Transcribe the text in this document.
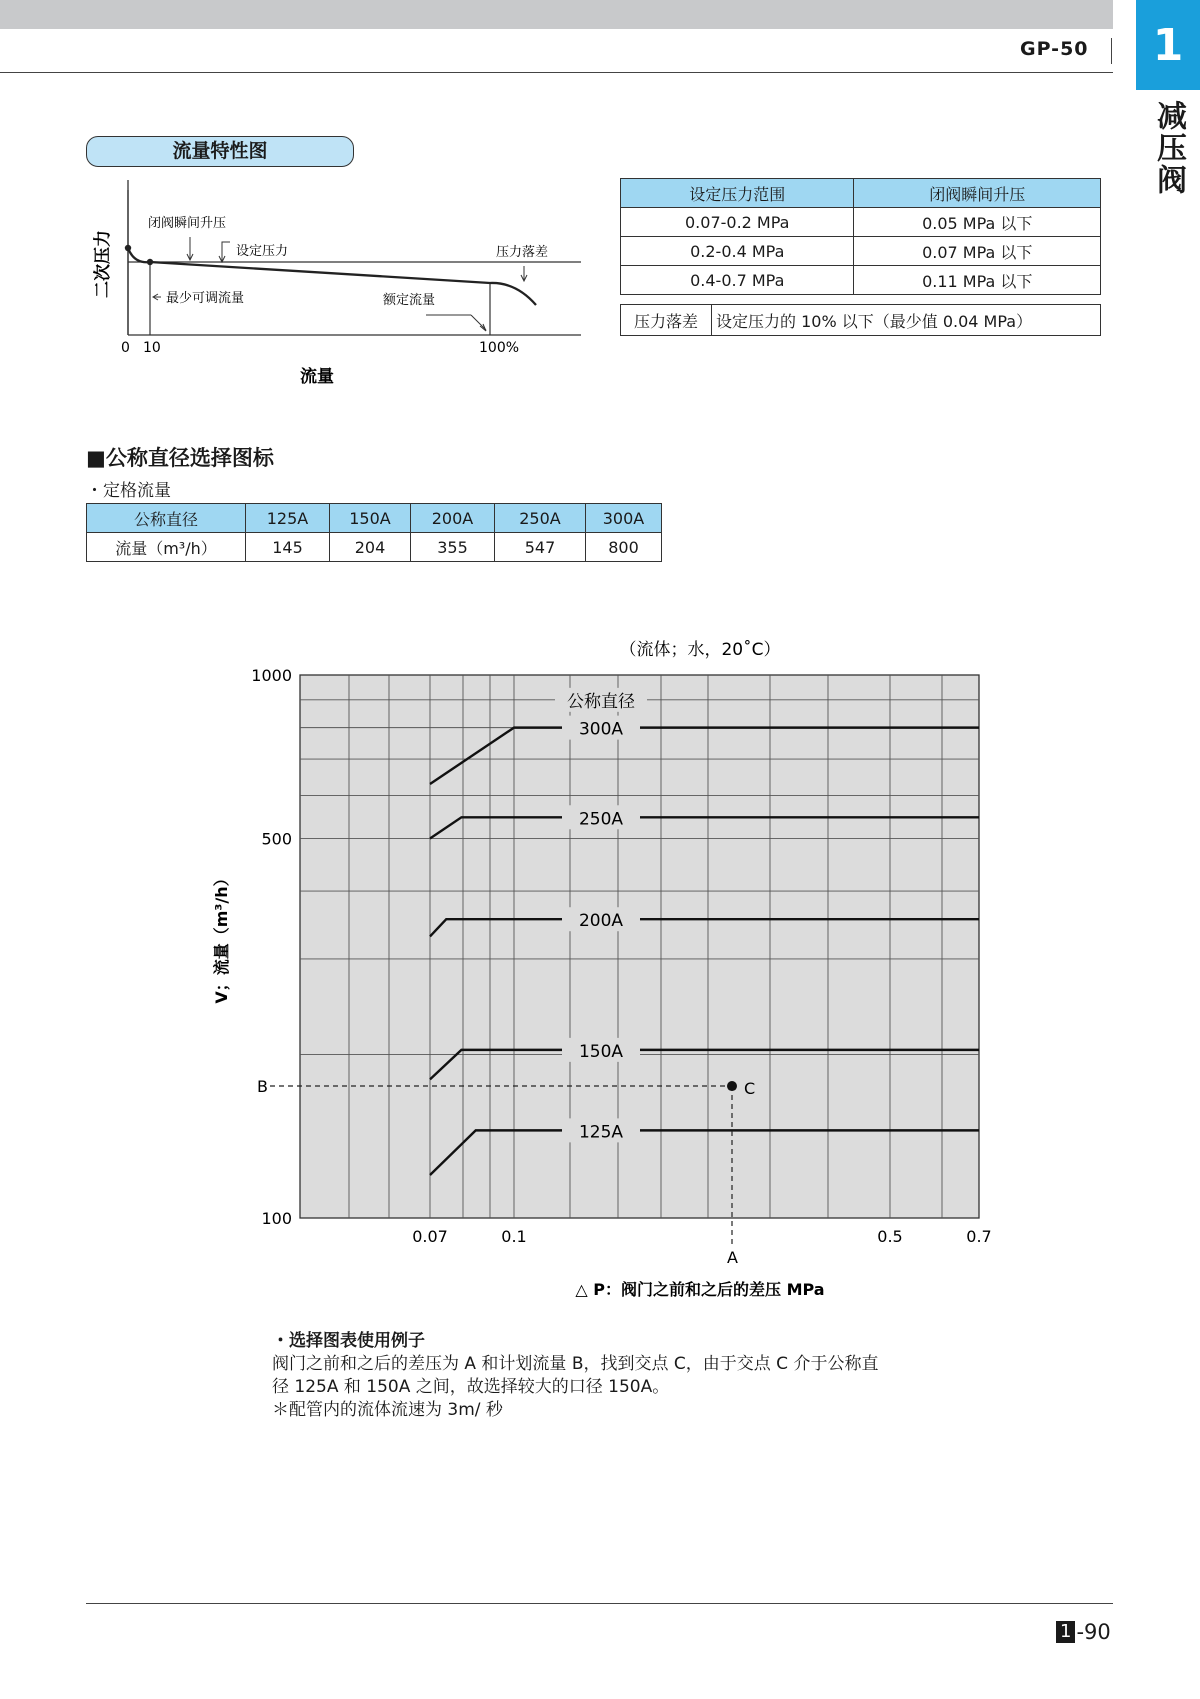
GP-50	1
减压阀
流量特性图
闭阀瞬间升压
设定压力	压力落差
最少可调流量	额定流量
0 10	100%
流量
二次压力
设定压力范围	闭阀瞬间升压
0.07-0.2 MPa	0.05 MPa 以下
0.2-0.4 MPa	0.07 MPa 以下
0.4-0.7 MPa	0.11 MPa 以下
压力落差	设定压力的 10% 以下（最少值 0.04 MPa）
■公称直径选择图标
・定格流量
公称直径	125A	150A	200A	250A	300A
流量（m³/h）	145	204	355	547	800
（流体；水，20˚C）
1000
500
100
0.07	0.1	0.5	0.7
公称直径
300A
250A
200A
150A
125A
C
B
A
△ P：阀门之前和之后的差压 MPa
V；流量（m³/h）
・选择图表使用例子
阀门之前和之后的差压为 A 和计划流量 B，找到交点 C，由于交点 C 介于公称直
径 125A 和 150A 之间，故选择较大的口径 150A。
＊配管内的流体流速为 3m/ 秒
1 -90
